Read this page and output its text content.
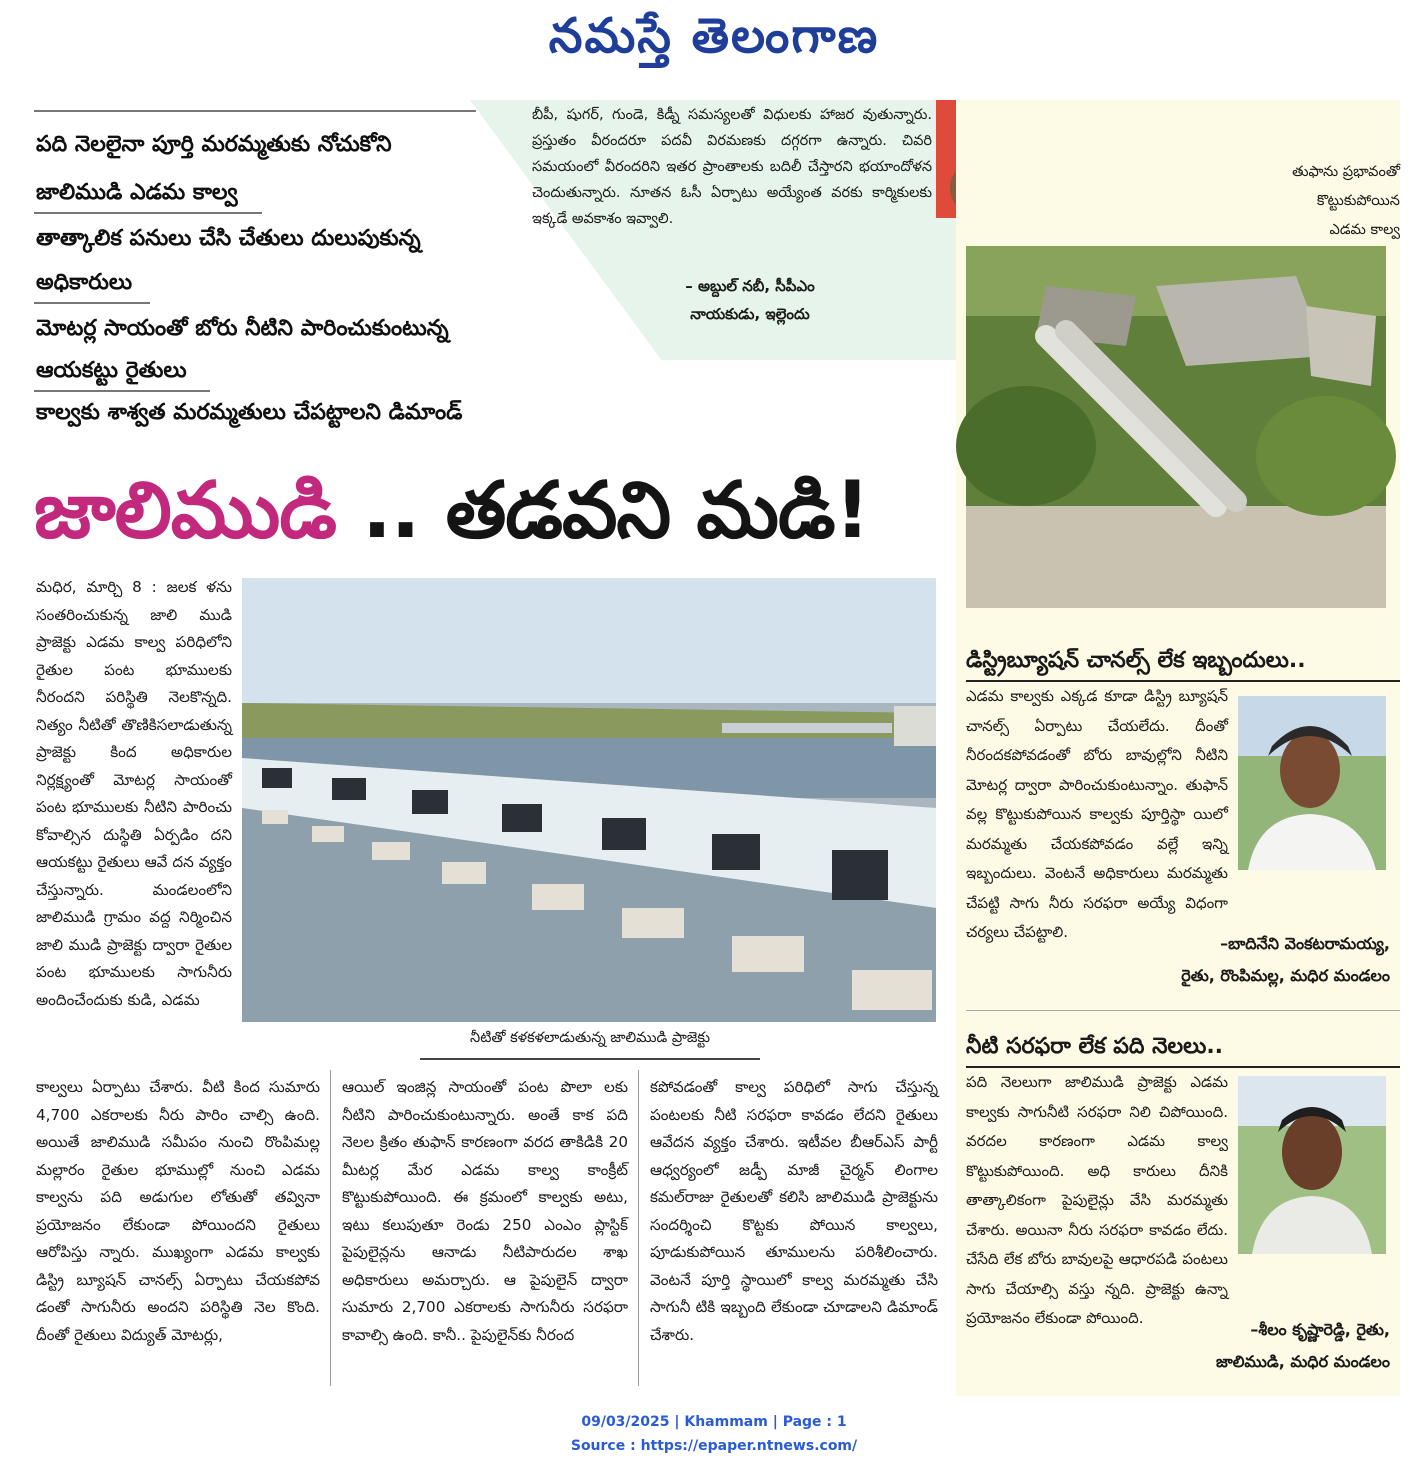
నమస్తే తెలంగాణ
పది నెలలైనా పూర్తి మరమ్మతుకు నోచుకోని
జాలిముడి ఎడమ కాల్వ
తాత్కాలిక పనులు చేసి చేతులు దులుపుకున్న
అధికారులు
మోటర్ల సాయంతో బోరు నీటిని పారించుకుంటున్న
ఆయకట్టు రైతులు
కాల్వకు శాశ్వత మరమ్మతులు చేపట్టాలని డిమాండ్
బీపీ, షుగర్, గుండె, కిడ్నీ సమస్యలతో విధులకు హాజర వుతున్నారు. ప్రస్తుతం వీరందరూ పదవీ విరమణకు దగ్గరగా ఉన్నారు. చివరి సమయంలో వీరందరిని ఇతర ప్రాంతాలకు బదిలీ చేస్తారని భయాందోళన చెందుతున్నారు. నూతన ఓసీ ఏర్పాటు అయ్యేంత వరకు కార్మికులకు ఇక్కడే అవకాశం ఇవ్వాలి.
– అబ్దుల్ నబీ, సీపీఎం
నాయకుడు, ఇల్లెందు
తుఫాను ప్రభావంతో
కొట్టుకుపోయిన
ఎడమ కాల్వ
డిస్ట్రిబ్యూషన్ చానల్స్ లేక ఇబ్బందులు..
ఎడమ కాల్వకు ఎక్కడ కూడా డిస్ట్రి బ్యూషన్ చానల్స్ ఏర్పాటు చేయలేదు. దీంతో నీరందకపోవడంతో బోరు బావుల్లోని నీటిని మోటర్ల ద్వారా పారించుకుంటున్నాం. తుఫాన్ వల్ల కొట్టుకుపోయిన కాల్వకు పూర్తిస్థా యిలో మరమ్మతు చేయకపోవడం వల్లే ఇన్ని ఇబ్బందులు. వెంటనే అధికారులు మరమ్మతు చేపట్టి సాగు నీరు సరఫరా అయ్యే విధంగా చర్యలు చేపట్టాలి.
–బాదినేని వెంకటరామయ్య,
రైతు, రొంపిమల్ల, మధిర మండలం
నీటి సరఫరా లేక పది నెలలు..
పది నెలలుగా జాలిముడి ప్రాజెక్టు ఎడమ కాల్వకు సాగునీటి సరఫరా నిలి చిపోయింది. వరదల కారణంగా ఎడమ కాల్వ కొట్టుకుపోయింది. అధి కారులు దీనికి తాత్కాలికంగా పైపులైన్లు వేసి మరమ్మతు చేశారు. అయినా నీరు సరఫరా కావడం లేదు. చేసేది లేక బోరు బావులపై ఆధారపడి పంటలు సాగు చేయాల్సి వస్తు న్నది. ప్రాజెక్టు ఉన్నా ప్రయోజనం లేకుండా పోయింది.
–శీలం కృష్ణారెడ్డి, రైతు,
జాలిముడి, మధిర మండలం
జాలిముడి .. తడవని మడి!
మధిర, మార్చి 8 : జలక ళను సంతరించుకున్న జాలి ముడి ప్రాజెక్టు ఎడమ కాల్వ పరిధిలోని రైతుల పంట భూములకు నీరందని పరిస్థితి నెలకొన్నది. నిత్యం నీటితో తొణికిసలాడుతున్న ప్రాజెక్టు కింద అధికారుల నిర్లక్ష్యంతో మోటర్ల సాయంతో పంట భూములకు నీటిని పారించు కోవాల్సిన దుస్థితి ఏర్పడిం దని ఆయకట్టు రైతులు ఆవే దన వ్యక్తం చేస్తున్నారు. మండలంలోని జాలిముడి గ్రామం వద్ద నిర్మించిన జాలి ముడి ప్రాజెక్టు ద్వారా రైతుల పంట భూములకు సాగునీరు అందించేందుకు కుడి, ఎడమ
కాల్వలు ఏర్పాటు చేశారు. వీటి కింద సుమారు 4,700 ఎకరాలకు నీరు పారిం చాల్సి ఉంది. అయితే జాలిముడి సమీపం నుంచి రొంపిమల్ల మల్లారం రైతుల భూముల్లో నుంచి ఎడమ కాల్వను పది అడుగుల లోతుతో తవ్వినా ప్రయోజనం లేకుండా పోయిందని రైతులు ఆరోపిస్తు న్నారు. ముఖ్యంగా ఎడమ కాల్వకు డిస్ట్రి బ్యూషన్ చానల్స్ ఏర్పాటు చేయకపోవ డంతో సాగునీరు అందని పరిస్థితి నెల కొంది. దీంతో రైతులు విద్యుత్ మోటర్లు,
ఆయిల్ ఇంజిన్ల సాయంతో పంట పొలా లకు నీటిని పారించుకుంటున్నారు. అంతే కాక పది నెలల క్రితం తుఫాన్ కారణంగా వరద తాకిడికి 20 మీటర్ల మేర ఎడమ కాల్వ కాంక్రీట్ కొట్టుకుపోయింది. ఈ క్రమంలో కాల్వకు అటు, ఇటు కలుపుతూ రెండు 250 ఎంఎం ప్లాస్టిక్ పైపులైన్లను ఆనాడు నీటిపారుదల శాఖ అధికారులు అమర్చారు. ఆ పైపులైన్ ద్వారా సుమారు 2,700 ఎకరాలకు సాగునీరు సరఫరా కావాల్సి ఉంది. కానీ.. పైపులైన్‌కు నీరంద
కపోవడంతో కాల్వ పరిధిలో సాగు చేస్తున్న పంటలకు నీటి సరఫరా కావడం లేదని రైతులు ఆవేదన వ్యక్తం చేశారు. ఇటీవల బీఆర్‌ఎస్ పార్టీ ఆధ్వర్యంలో జడ్పీ మాజీ చైర్మన్ లింగాల కమల్‌రాజు రైతులతో కలిసి జాలిముడి ప్రాజెక్టును సందర్శించి కొట్టకు పోయిన కాల్వలు, పూడుకుపోయిన తూములను పరిశీలించారు. వెంటనే పూర్తి స్థాయిలో కాల్వ మరమ్మతు చేసి సాగునీ టికి ఇబ్బంది లేకుండా చూడాలని డిమాండ్ చేశారు.
నీటితో కళకళలాడుతున్న జాలిముడి ప్రాజెక్టు
09/03/2025 | Khammam | Page : 1
Source : https://epaper.ntnews.com/
